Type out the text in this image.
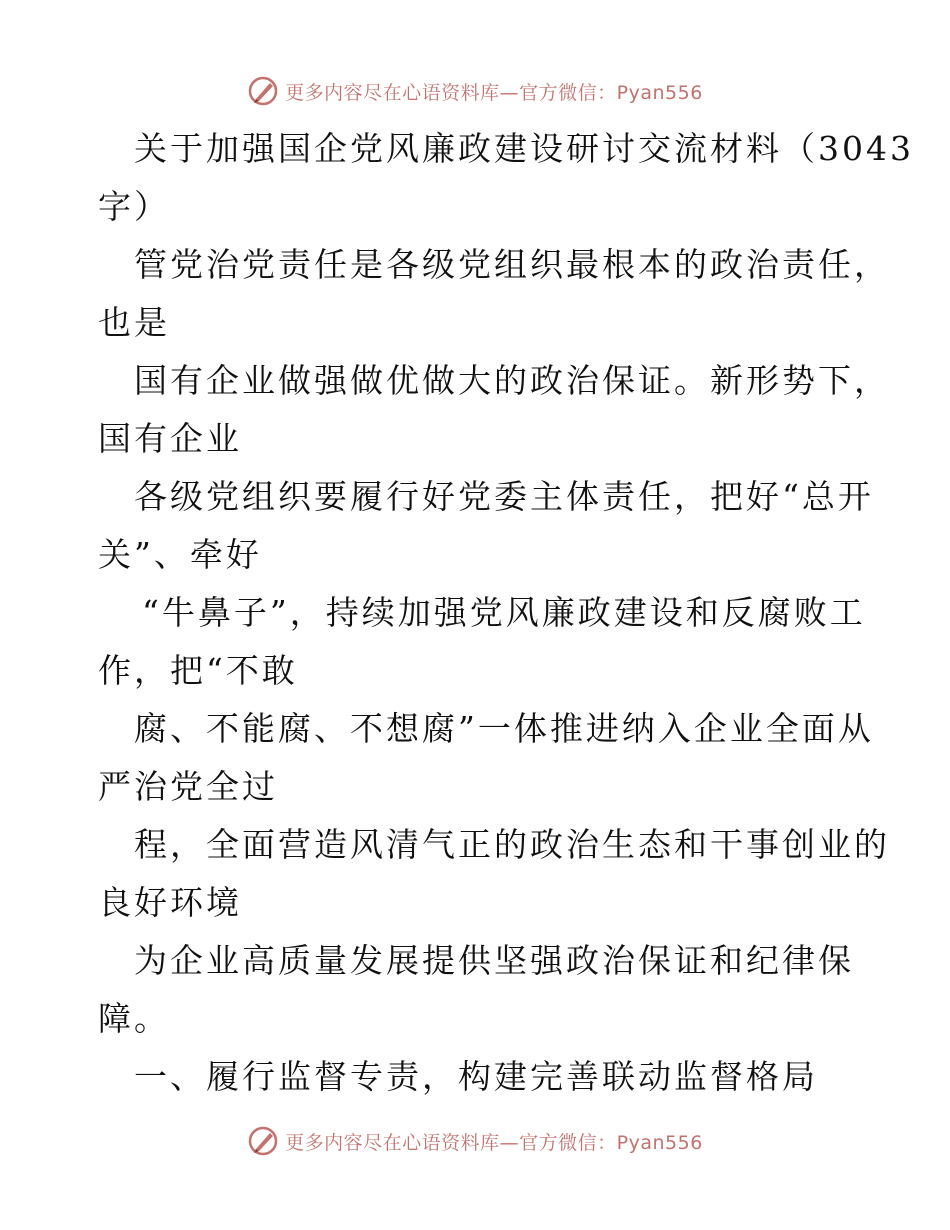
更多内容尽在心语资料库—官方微信：Pyan556
关于加强国企党风廉政建设研讨交流材料（3043
字）
管党治党责任是各级党组织最根本的政治责任，
也是
国有企业做强做优做大的政治保证。新形势下，
国有企业
各级党组织要履行好党委主体责任，把好“总开
关”、牵好
“牛鼻子”，持续加强党风廉政建设和反腐败工
作，把“不敢
腐、不能腐、不想腐”一体推进纳入企业全面从
严治党全过
程，全面营造风清气正的政治生态和干事创业的
良好环境
为企业高质量发展提供坚强政治保证和纪律保
障。
一、履行监督专责，构建完善联动监督格局
更多内容尽在心语资料库—官方微信：Pyan556
